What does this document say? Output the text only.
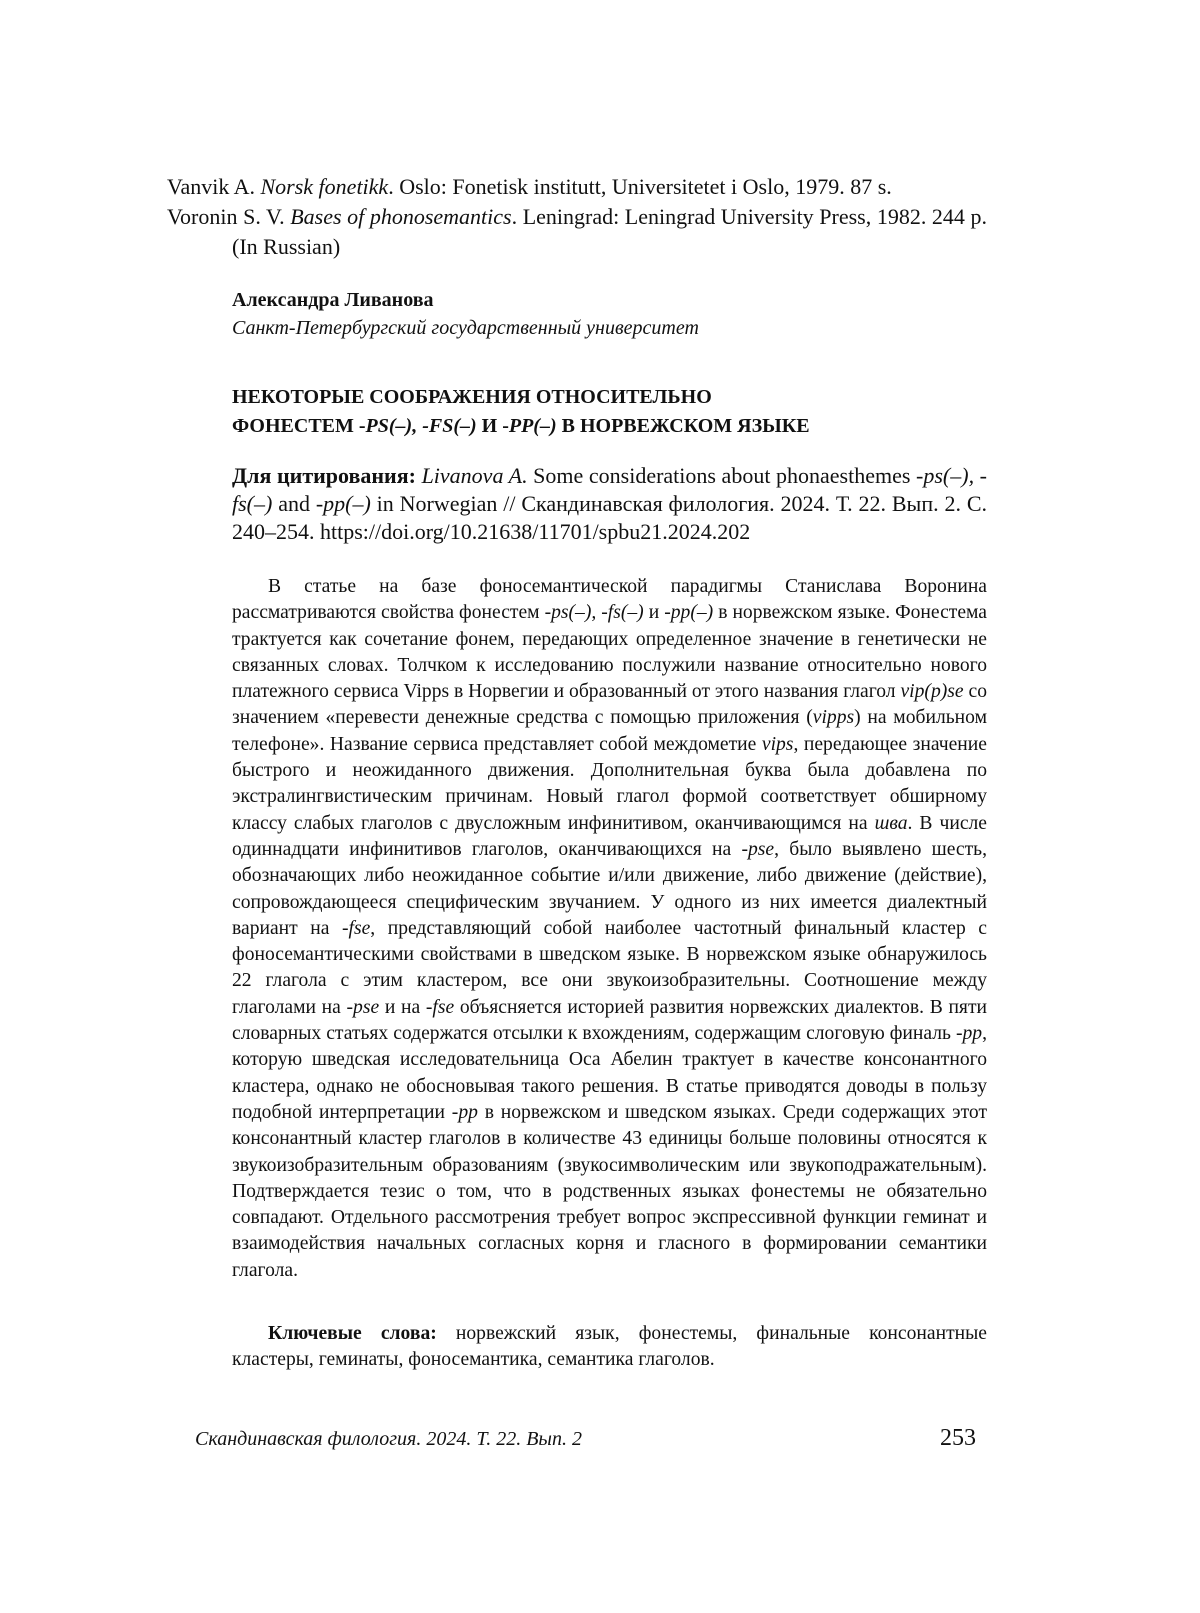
Vanvik A. Norsk fonetikk. Oslo: Fonetisk institutt, Universitetet i Oslo, 1979. 87 s.

Voronin S. V. Bases of phonosemantics. Leningrad: Leningrad University Press, 1982. 244 p. (In Russian)

Александра Ливанова
Санкт-Петербургский государственный университет
НЕКОТОРЫЕ СООБРАЖЕНИЯ ОТНОСИТЕЛЬНО
ФОНЕСТЕМ -PS(–), -FS(–) И -PP(–) В НОРВЕЖСКОМ ЯЗЫКЕ

Для цитирования: Livanova A. Some considerations about phonaesthemes -ps(–), -fs(–) and -pp(–) in Norwegian // Скандинавская филология. 2024. Т. 22. Вып. 2. С. 240–254. https://doi.org/10.21638/11701/spbu21.2024.202

В статье на базе фоносемантической парадигмы Станислава Воронина рассматриваются свойства фонестем -ps(–), -fs(–) и -pp(–) в норвежском языке. Фонестема трактуется как сочетание фонем, передающих определенное значение в генетически не связанных словах. Толчком к исследованию послужили название относительно нового платежного сервиса Vipps в Норвегии и образованный от этого названия глагол vip(p)se со значением «перевести денежные средства с помощью приложения (vipps) на мобильном телефоне». Название сервиса представляет собой междометие vips, передающее значение быстрого и неожиданного движения. Дополнительная буква была добавлена по экстралингвистическим причинам. Новый глагол формой соответствует обширному классу слабых глаголов с двусложным инфинитивом, оканчивающимся на шва. В числе одиннадцати инфинитивов глаголов, оканчивающихся на -pse, было выявлено шесть, обозначающих либо неожиданное событие и/или движение, либо движение (действие), сопровождающееся специфическим звучанием. У одного из них имеется диалектный вариант на -fse, представляющий собой наиболее частотный финальный кластер с фоносемантическими свойствами в шведском языке. В норвежском языке обнаружилось 22 глагола с этим кластером, все они звукоизобразительны. Соотношение между глаголами на -pse и на -fse объясняется историей развития норвежских диалектов. В пяти словарных статьях содержатся отсылки к вхождениям, содержащим слоговую финаль -pp, которую шведская исследовательница Оса Абелин трактует в качестве консонантного кластера, однако не обосновывая такого решения. В статье приводятся доводы в пользу подобной интерпретации -pp в норвежском и шведском языках. Среди содержащих этот консонантный кластер глаголов в количестве 43 единицы больше половины относятся к звукоизобразительным образованиям (звукосимволическим или звукоподражательным). Подтверждается тезис о том, что в родственных языках фонестемы не обязательно совпадают. Отдельного рассмотрения требует вопрос экспрессивной функции геминат и взаимодействия начальных согласных корня и гласного в формировании семантики глагола.

Ключевые слова: норвежский язык, фонестемы, финальные консонантные кластеры, геминаты, фоносемантика, семантика глаголов.

Скандинавская филология. 2024. Т. 22. Вып. 2	253
